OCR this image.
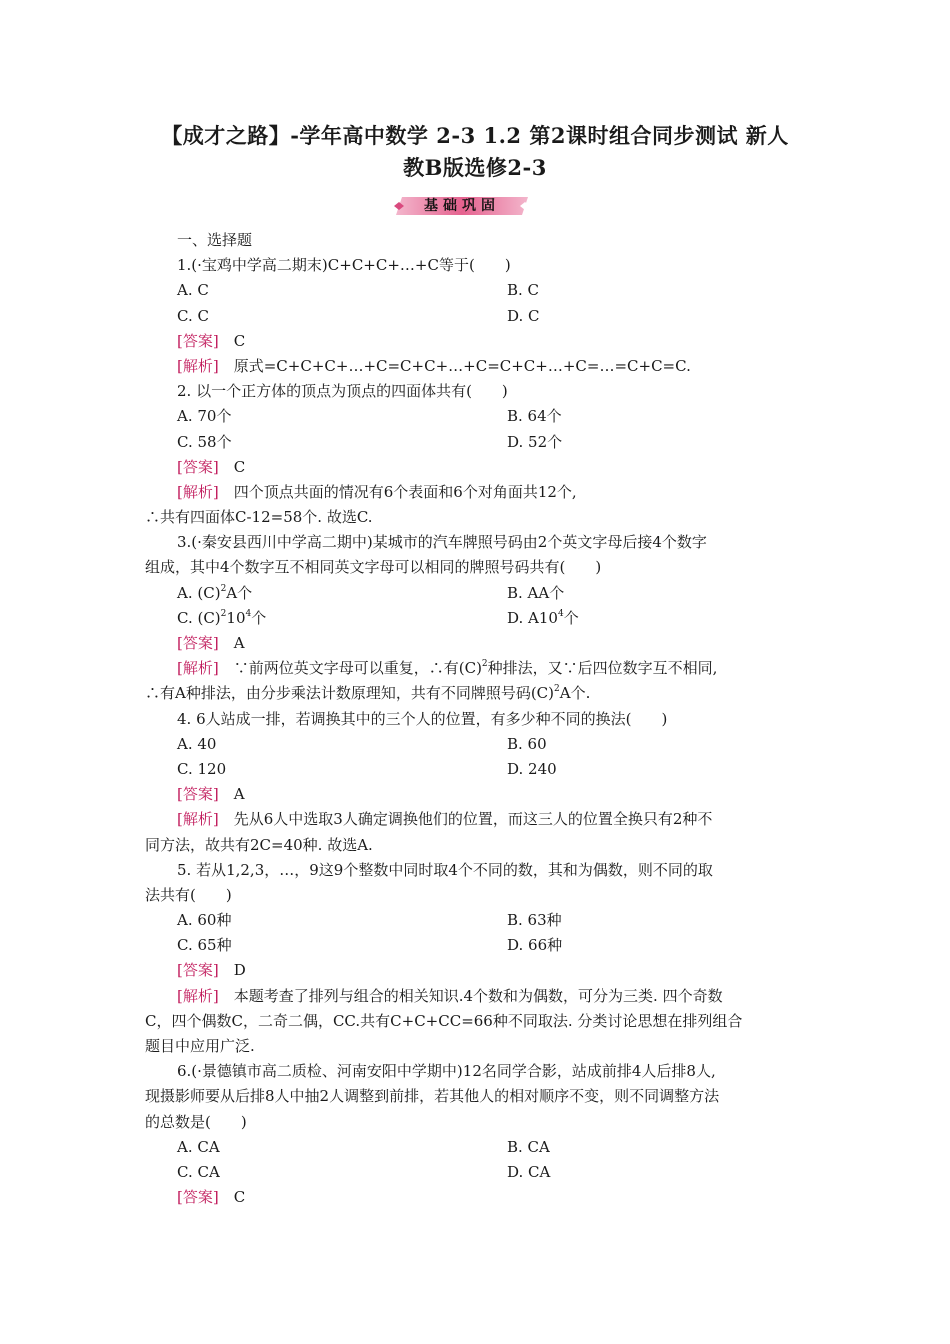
【成才之路】-学年高中数学 2-3 1.2 第2课时组合同步测试 新人
教B版选修2-3
基础巩固
一、选择题
1.(·宝鸡中学高二期末)C+C+C+…+C等于(　　)
A. C	B. C
C. C	D. C
[答案]　 C
[解析]　 原式=C+C+C+…+C=C+C+…+C=C+C+…+C=…=C+C=C.
2. 以一个正方体的顶点为顶点的四面体共有(　　)
A. 70个	B. 64个
C. 58个	D. 52个
[答案]　 C
[解析]　 四个顶点共面的情况有6个表面和6个对角面共12个,
∴共有四面体C-12=58个. 故选C.
3.(·秦安县西川中学高二期中)某城市的汽车牌照号码由2个英文字母后接4个数字
组成，其中4个数字互不相同英文字母可以相同的牌照号码共有(　　)
A. $(C)^2A$个	B. AA个
C. $(C)^210^4$个	D. $A10^4$个
[答案]　 A
[解析]　 ∵前两位英文字母可以重复，∴有$(C)^2$种排法，又∵后四位数字互不相同,
∴有A种排法，由分步乘法计数原理知，共有不同牌照号码$(C)^2A$个.
4. 6人站成一排，若调换其中的三个人的位置，有多少种不同的换法(　　)
A. 40	B. 60
C. 120	D. 240
[答案]　 A
[解析]　 先从6人中选取3人确定调换他们的位置，而这三人的位置全换只有2种不
同方法，故共有2C=40种. 故选A.
5. 若从1,2,3，…，9这9个整数中同时取4个不同的数，其和为偶数，则不同的取
法共有(　　)
A. 60种	B. 63种
C. 65种	D. 66种
[答案]　 D
[解析]　 本题考查了排列与组合的相关知识.4个数和为偶数，可分为三类. 四个奇数
C，四个偶数C，二奇二偶，CC.共有C+C+CC=66种不同取法. 分类讨论思想在排列组合
题目中应用广泛.
6.(·景德镇市高二质检、河南安阳中学期中)12名同学合影，站成前排4人后排8人,
现摄影师要从后排8人中抽2人调整到前排，若其他人的相对顺序不变，则不同调整方法
的总数是(　　)
A. CA	B. CA
C. CA	D. CA
[答案]　 C
